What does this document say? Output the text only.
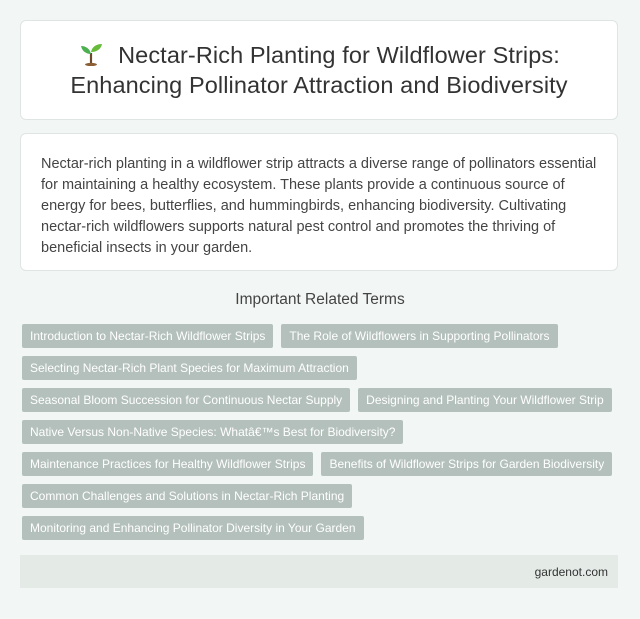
Nectar-Rich Planting for Wildflower Strips:
Enhancing Pollinator Attraction and Biodiversity

Nectar-rich planting in a wildflower strip attracts a diverse range of pollinators essential for maintaining a healthy ecosystem. These plants provide a continuous source of energy for bees, butterflies, and hummingbirds, enhancing biodiversity. Cultivating nectar-rich wildflowers supports natural pest control and promotes the thriving of beneficial insects in your garden.

Important Related Terms
Introduction to Nectar-Rich Wildflower Strips	The Role of Wildflowers in Supporting Pollinators
Selecting Nectar-Rich Plant Species for Maximum Attraction
Seasonal Bloom Succession for Continuous Nectar Supply	Designing and Planting Your Wildflower Strip
Native Versus Non-Native Species: Whatâ€™s Best for Biodiversity?
Maintenance Practices for Healthy Wildflower Strips	Benefits of Wildflower Strips for Garden Biodiversity
Common Challenges and Solutions in Nectar-Rich Planting
Monitoring and Enhancing Pollinator Diversity in Your Garden
gardenot.com
